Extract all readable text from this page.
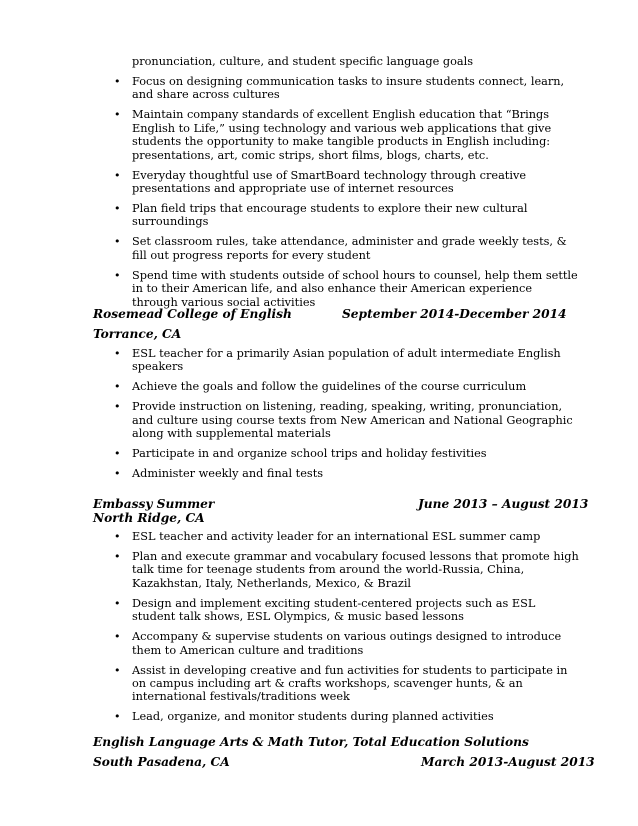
pronunciation, culture, and student specific language goals
• Focus on designing communication tasks to insure students connect, learn, and share across cultures
• Maintain company standards of excellent English education that “Brings English to Life,” using technology and various web applications that give students the opportunity to make tangible products in English including: presentations, art, comic strips, short films, blogs, charts, etc.
• Everyday thoughtful use of SmartBoard technology through creative presentations and appropriate use of internet resources
• Plan field trips that encourage students to explore their new cultural surroundings
• Set classroom rules, take attendance, administer and grade weekly tests, & fill out progress reports for every student
• Spend time with students outside of school hours to counsel, help them settle in to their American life, and also enhance their American experience through various social activities
Rosemead College of English	September 2014-December 2014
Torrance, CA
• ESL teacher for a primarily Asian population of adult intermediate English speakers
• Achieve the goals and follow the guidelines of the course curriculum
• Provide instruction on listening, reading, speaking, writing, pronunciation, and culture using course texts from New American and National Geographic along with supplemental materials
• Participate in and organize school trips and holiday festivities
• Administer weekly and final tests
Embassy Summer	June 2013 – August 2013
North Ridge, CA
• ESL teacher and activity leader for an international ESL summer camp
• Plan and execute grammar and vocabulary focused lessons that promote high talk time for teenage students from around the world-Russia, China, Kazakhstan, Italy, Netherlands, Mexico, & Brazil
• Design and implement exciting student-centered projects such as ESL student talk shows, ESL Olympics, & music based lessons
• Accompany & supervise students on various outings designed to introduce them to American culture and traditions
• Assist in developing creative and fun activities for students to participate in on campus including art & crafts workshops, scavenger hunts, & an international festivals/traditions week
• Lead, organize, and monitor students during planned activities
English Language Arts & Math Tutor, Total Education Solutions
South Pasadena, CA	March 2013-August 2013
